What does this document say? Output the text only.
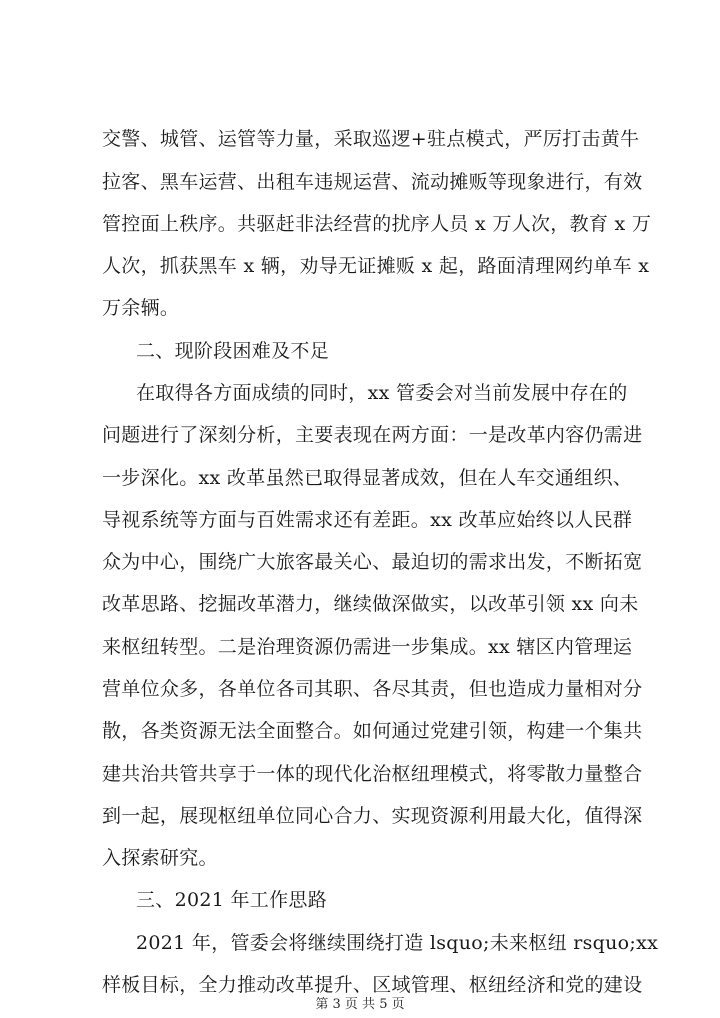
交警、城管、运管等力量，采取巡逻+驻点模式，严厉打击黄牛
拉客、黑车运营、出租车违规运营、流动摊贩等现象进行，有效
管控面上秩序。共驱赶非法经营的扰序人员 x 万人次，教育 x 万
人次，抓获黑车 x 辆，劝导无证摊贩 x 起，路面清理网约单车 x
万余辆。
二、现阶段困难及不足
在取得各方面成绩的同时，xx 管委会对当前发展中存在的
问题进行了深刻分析，主要表现在两方面：一是改革内容仍需进
一步深化。xx 改革虽然已取得显著成效，但在人车交通组织、
导视系统等方面与百姓需求还有差距。xx 改革应始终以人民群
众为中心，围绕广大旅客最关心、最迫切的需求出发，不断拓宽
改革思路、挖掘改革潜力，继续做深做实，以改革引领 xx 向未
来枢纽转型。二是治理资源仍需进一步集成。xx 辖区内管理运
营单位众多，各单位各司其职、各尽其责，但也造成力量相对分
散，各类资源无法全面整合。如何通过党建引领，构建一个集共
建共治共管共享于一体的现代化治枢纽理模式，将零散力量整合
到一起，展现枢纽单位同心合力、实现资源利用最大化，值得深
入探索研究。
三、2021 年工作思路
2021 年，管委会将继续围绕打造 lsquo;未来枢纽 rsquo;xx
样板目标，全力推动改革提升、区域管理、枢纽经济和党的建设
第 3 页 共 5 页
